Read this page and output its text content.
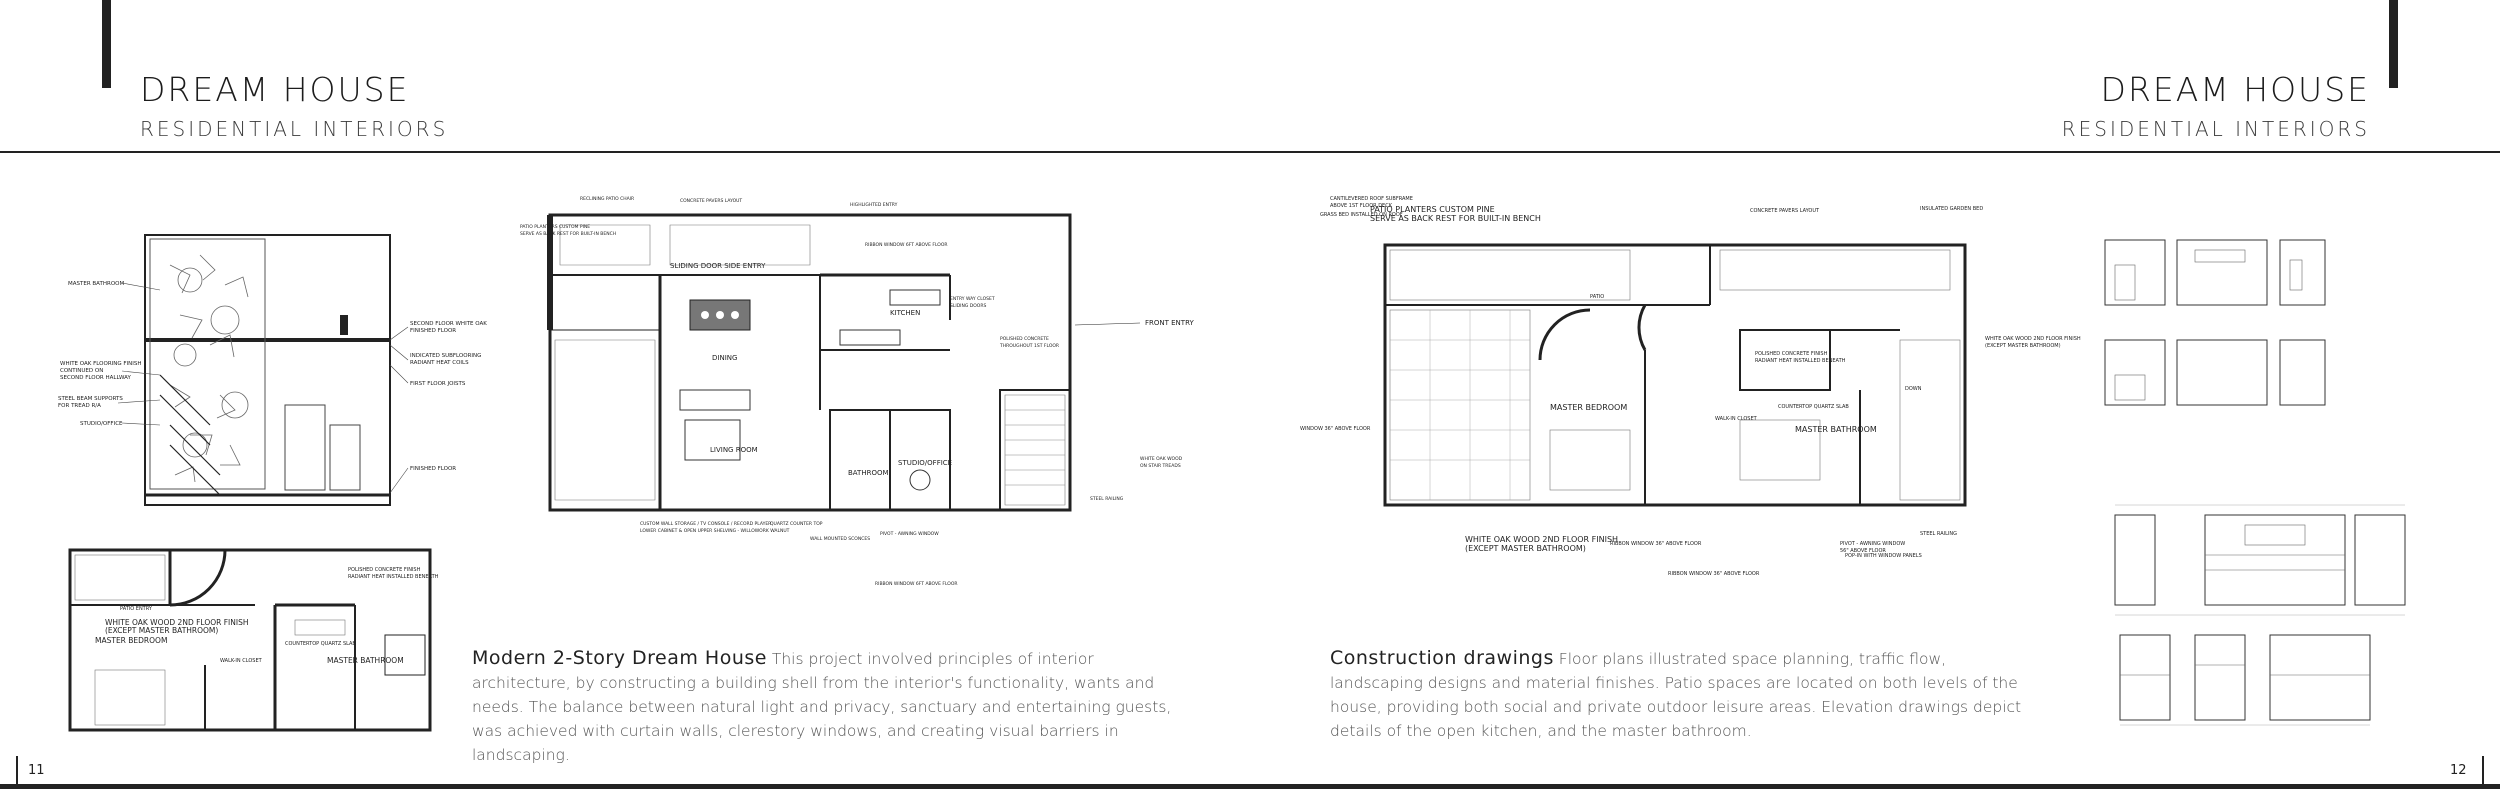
DREAM HOUSE
RESIDENTIAL INTERIORS
DREAM HOUSE
RESIDENTIAL INTERIORS
MASTER BATHROOM
WHITE OAK FLOORING FINISH
CONTINUED ON
SECOND FLOOR HALLWAY
STEEL BEAM SUPPORTS
FOR TREAD R/A
STUDIO/OFFICE
SECOND FLOOR WHITE OAK
FINISHED FLOOR
INDICATED SUBFLOORING
RADIANT HEAT COILS
FIRST FLOOR JOISTS
FINISHED FLOOR
SLIDING DOOR SIDE ENTRY
KITCHEN
DINING
LIVING ROOM
BATHROOM
STUDIO/OFFICE
FRONT ENTRY
RECLINING PATIO CHAIR	CONCRETE PAVERS LAYOUT
HIGHLIGHTED ENTRY
RIBBON WINDOW 6FT ABOVE FLOOR
PATIO PLANTERS CUSTOM PINE
SERVE AS BACK REST FOR BUILT-IN BENCH
ENTRY WAY CLOSET
SLIDING DOORS
POLISHED CONCRETE
THROUGHOUT 1ST FLOOR
CUSTOM WALL STORAGE / TV CONSOLE / RECORD PLAYER
LOWER CABINET & OPEN UPPER SHELVING - WILLOWORK WALNUT
QUARTZ COUNTER TOP
WALL MOUNTED SCONCES
PIVOT - AWNING WINDOW
RIBBON WINDOW 6FT ABOVE FLOOR
STEEL RAILING
WHITE OAK WOOD
ON STAIR TREADS
WHITE OAK WOOD 2ND FLOOR FINISH
(EXCEPT MASTER BATHROOM)
MASTER BEDROOM
MASTER BATHROOM
WALK-IN CLOSET
COUNTERTOP QUARTZ SLAB
POLISHED CONCRETE FINISH
RADIANT HEAT INSTALLED BENEATH
PATIO ENTRY
Modern 2-Story Dream House This project involved principles of interior architecture, by constructing a building shell from the interior's functionality, wants and needs. The balance between natural light and privacy, sanctuary and entertaining guests, was achieved with curtain walls, clerestory windows, and creating visual barriers in landscaping.
PATIO PLANTERS CUSTOM PINE
SERVE AS BACK REST FOR BUILT-IN BENCH
MASTER BEDROOM
MASTER BATHROOM
WHITE OAK WOOD 2ND FLOOR FINISH
(EXCEPT MASTER BATHROOM)
PATIO
WALK-IN CLOSET
COUNTERTOP QUARTZ SLAB
DOWN
CANTILEVERED ROOF SUBFRAME
ABOVE 1ST FLOOR DECK
GRASS BED INSTALLED ON ROOF
CONCRETE PAVERS LAYOUT	INSULATED GARDEN BED
WINDOW 36" ABOVE FLOOR
WHITE OAK WOOD 2ND FLOOR FINISH
(EXCEPT MASTER BATHROOM)
RIBBON WINDOW 36" ABOVE FLOOR
RIBBON WINDOW 36" ABOVE FLOOR
PIVOT - AWNING WINDOW
56" ABOVE FLOOR
POP-IN WITH WINDOW PANELS
STEEL RAILING
POLISHED CONCRETE FINISH
RADIANT HEAT INSTALLED BENEATH
11	12
Construction drawings Floor plans illustrated space planning, traffic flow, landscaping designs and material finishes. Patio spaces are located on both levels of the house, providing both social and private outdoor leisure areas. Elevation drawings depict details of the open kitchen, and the master bathroom.
